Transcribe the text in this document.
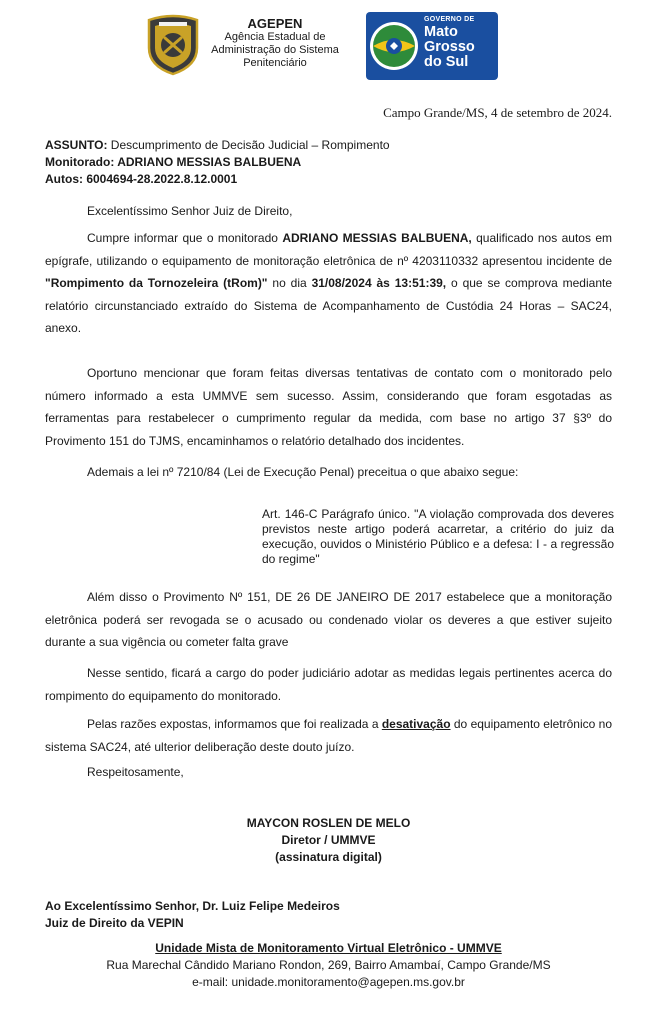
AGEPEN
Agência Estadual de
Administração do Sistema
Penitenciário
GOVERNO DE
Mato
Grosso
do Sul
Campo Grande/MS, 4 de setembro de 2024.
ASSUNTO: Descumprimento de Decisão Judicial – Rompimento
Monitorado: ADRIANO MESSIAS BALBUENA
Autos: 6004694-28.2022.8.12.0001
Excelentíssimo Senhor Juiz de Direito,
Cumpre informar que o monitorado ADRIANO MESSIAS BALBUENA, qualificado nos autos em epígrafe, utilizando o equipamento de monitoração eletrônica de nº 4203110332 apresentou incidente de "Rompimento da Tornozeleira (tRom)" no dia 31/08/2024 às 13:51:39, o que se comprova mediante relatório circunstanciado extraído do Sistema de Acompanhamento de Custódia 24 Horas – SAC24, anexo.
Oportuno mencionar que foram feitas diversas tentativas de contato com o monitorado pelo número informado a esta UMMVE sem sucesso. Assim, considerando que foram esgotadas as ferramentas para restabelecer o cumprimento regular da medida, com base no artigo 37 §3º do Provimento 151 do TJMS, encaminhamos o relatório detalhado dos incidentes.
Ademais a lei nº 7210/84 (Lei de Execução Penal) preceitua o que abaixo segue:
Além disso o Provimento Nº 151, DE 26 DE JANEIRO DE 2017 estabelece que a monitoração eletrônica poderá ser revogada se o acusado ou condenado violar os deveres a que estiver sujeito durante a sua vigência ou cometer falta grave
Nesse sentido, ficará a cargo do poder judiciário adotar as medidas legais pertinentes acerca do rompimento do equipamento do monitorado.
Pelas razões expostas, informamos que foi realizada a desativação do equipamento eletrônico no sistema SAC24, até ulterior deliberação deste douto juízo.
Respeitosamente,
Art. 146-C Parágrafo único. "A violação comprovada dos deveres previstos neste artigo poderá acarretar, a critério do juiz da execução, ouvidos o Ministério Público e a defesa: I - a regressão do regime"
MAYCON ROSLEN DE MELO
Diretor / UMMVE
(assinatura digital)
Ao Excelentíssimo Senhor, Dr. Luiz Felipe Medeiros
Juiz de Direito da VEPIN
Unidade Mista de Monitoramento Virtual Eletrônico - UMMVE
Rua Marechal Cândido Mariano Rondon, 269, Bairro Amambaí, Campo Grande/MS
e-mail: unidade.monitoramento@agepen.ms.gov.br
